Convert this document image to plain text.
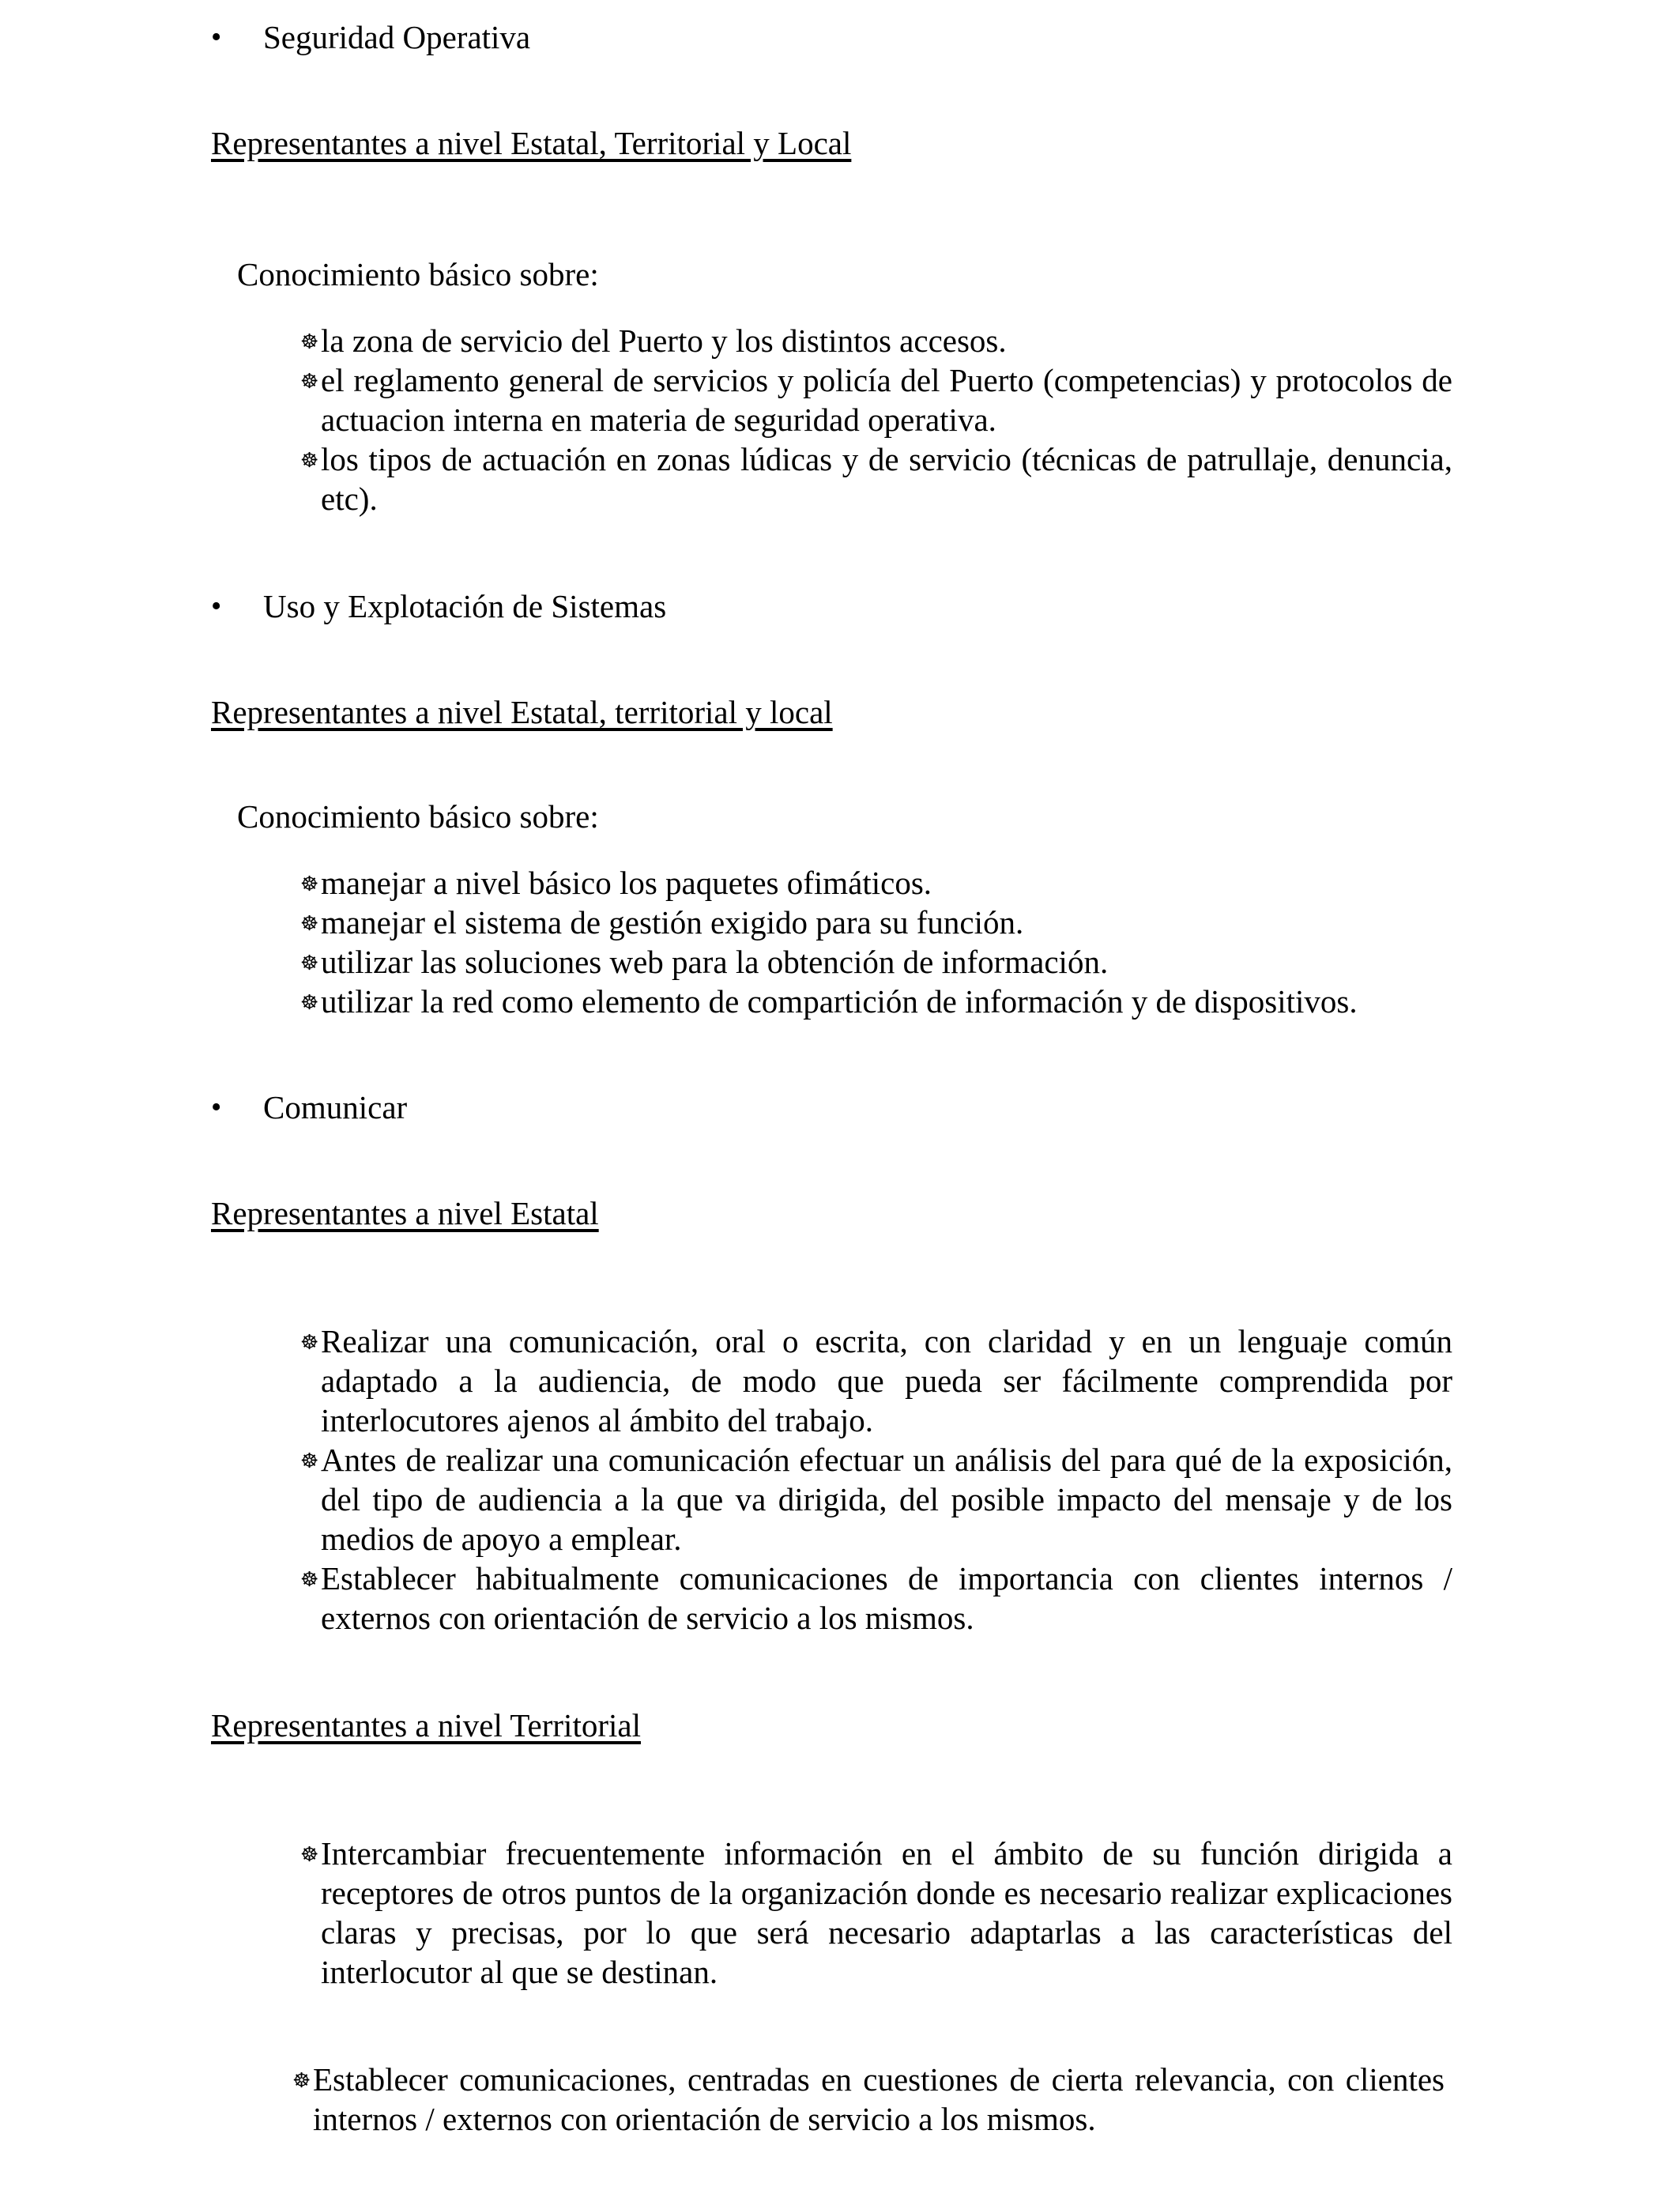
•	Seguridad Operativa

Representantes a nivel Estatal, Territorial y Local

Conocimiento básico sobre:

☸ la zona de servicio del Puerto y los distintos accesos.
☸ el reglamento general de servicios y policía del Puerto (competencias) y protocolos de actuacion interna en materia de seguridad operativa.
☸ los tipos de actuación en zonas lúdicas y de servicio (técnicas de patrullaje, denuncia, etc).
•	Uso y Explotación de Sistemas

Representantes a nivel Estatal, territorial y local

Conocimiento básico sobre:

☸ manejar a nivel básico los paquetes ofimáticos.
☸ manejar el sistema de gestión exigido para su función.
☸ utilizar las soluciones web para la obtención de información.
☸ utilizar la red como elemento de compartición de información y de dispositivos.
•	Comunicar

Representantes a nivel Estatal

☸ Realizar una comunicación, oral o escrita, con claridad y en un lenguaje común adaptado a la audiencia, de modo que pueda ser fácilmente comprendida por interlocutores ajenos al ámbito del trabajo.
☸ Antes de realizar una comunicación efectuar un análisis del para qué de la exposición, del tipo de audiencia a la que va dirigida, del posible impacto del mensaje y de los medios de apoyo a emplear.
☸ Establecer habitualmente comunicaciones de importancia con clientes internos / externos con orientación de servicio a los mismos.

Representantes a nivel Territorial

☸ Intercambiar frecuentemente información en el ámbito de su función dirigida a receptores de otros puntos de la organización donde es necesario realizar explicaciones claras y precisas, por lo que será necesario adaptarlas a las características del interlocutor al que se destinan.
☸ Establecer comunicaciones, centradas en cuestiones de cierta relevancia, con clientes internos / externos con orientación de servicio a los mismos.
